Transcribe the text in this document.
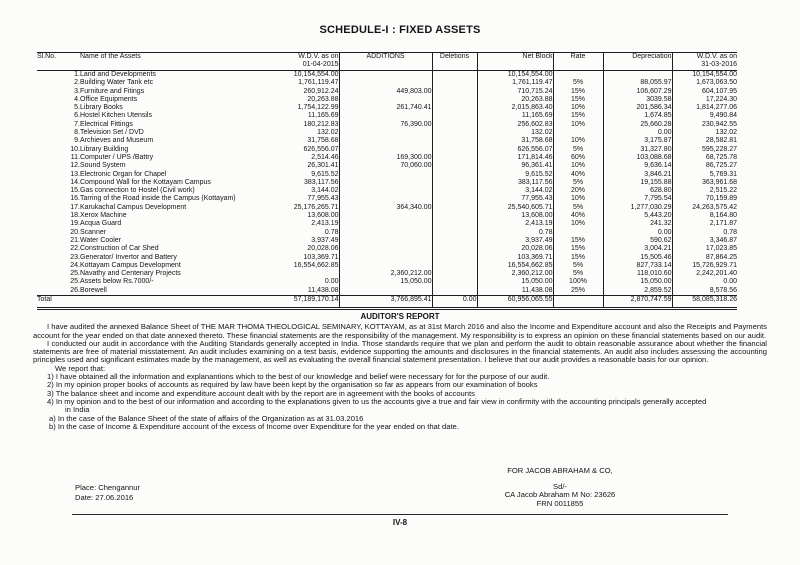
SCHEDULE-I : FIXED ASSETS
Sl.No.	Name of the Assets	W.D.V. as on
01-04-2015
	ADDITIONS	Deletions	Net Block	Rate	Depreciation	W.D.V. as on
31-03-2016

1.	Land and Developments	10,154,554.00			10,154,554.00			10,154,554.00
2.	Building Water Tank etc	1,761,119.47			1,761,119.47	5%	88,055.97	1,673,063.50
3.	Furniture and Fitings	260,912.24	449,803.00		710,715.24	15%	106,607.29	604,107.95
4.	Office Equipments	20,263.88			20,263.88	15%	3039.58	17,224.30
5.	Library Books	1,754,122.99	261,740.41		2,015,863.40	10%	201,586.34	1,814,277.06
6.	Hostel Kitchen Utensils	11,165.69			11,165.69	15%	1,674.85	9,490.84
7.	Electrical Fittings	180,212.83	76,390.00		256,602.83	10%	25,660.28	230,942.55
8.	Television Set / DVD	132.02			132.02		0.00	132.02
9.	Archieves and Museum	31,758.68			31,758.68	10%	3,175.87	28,582.81
10.	Library Building	626,556.07			626,556.07	5%	31,327.80	595,228.27
11.	Computer / UPS /Battry	2,514.46	169,300.00		171,814.46	60%	103,088.68	68,725.78
12.	Sound System	26,301.41	70,060.00		96,361.41	10%	9,636.14	86,725.27
13.	Electronic Organ for Chapel	9,615.52			9,615.52	40%	3,846.21	5,769.31
14.	Compound Wall for the Kottayam Campus	383,117.56			383,117.56	5%	19,155.88	363,961.68
15.	Gas connection to Hostel (Civil work)	3,144.02			3,144.02	20%	628.80	2,515.22
16.	Tarring of the Road inside the Campus (Kottayam)	77,955.43			77,955.43	10%	7,795.54	70,159.89
17.	Karukachal Campus Development	25,176,265.71	364,340.00		25,540,605.71	5%	1,277,030.29	24,263,575.42
18.	Xerox Machine	13,608.00			13,608.00	40%	5,443.20	8,164.80
19.	Acqua Guard	2,413.19			2,413.19	10%	241.32	2,171.87
20.	Scanner	0.78			0.78		0.00	0.78
21.	Water Cooler	3,937.49			3,937.49	15%	590.62	3,346.87
22.	Construction of Car Shed	20,028.06			20,028.06	15%	3,004.21	17,023.85
23.	Generator/ Invertor and Battery	103,369.71			103,369.71	15%	15,505.46	87,864.25
24.	Kottayam Campus Development	16,554,662.85			16,554,662.85	5%	827,733.14	15,726,929.71
25.	Navathy and Centenary Projects		2,360,212.00		2,360,212.00	5%	118,010.60	2,242,201.40
25.	Assets below Rs.7000/-	0.00	15,050.00		15,050.00	100%	15,050.00	0.00
26.	Borewell	11,438.08			11,438.08	25%	2,859.52	8,578.56
Total		57,189,170.14	3,766,895.41	0.00	60,956,065.55		2,870,747.59	58,085,318.26
AUDITOR'S REPORT
I have audited the annexed Balance Sheet of THE MAR THOMA THEOLOGICAL SEMINARY, KOTTAYAM, as at 31st March 2016 and also the Income and Expenditure account and also the Receipts and Payments account for the year ended on that date annexed thereto. These financial statements are the responsibility of the management. My responsibility is to express an opinion on these financial statements based on our audit.
I conducted our audit in accordance with the Auditing Standards generally accepted in India. Those standards require that we plan and perform the audit to obtain reasonable assurance about whether the financial statements are free of material misstatement. An audit includes examining on a test basis, evidence supporting the amounts and disclosures in the financial statements. An audit also includes assessing the accounting principles used and significant estimates made by the management, as well as evaluating the overall financial statement presentation. I believe that our audit provides a reasonable basis for our opinion.
We report that:
1) I have obtained all the information and explanantions which to the best of our knowledge and belief were necessary for for the purpose of our audit.
2) In my opinion proper books of accounts as required by law have been kept by the organisation so far as appears from our examination of books
3) The balance sheet and income and expenditure account dealt with by the report are in agreement with the books of accounts
4) In my opinion and to the best of our information and according to the explanations given to us the accounts give a true and fair view in confirmity with the accounting principals generally accepted
in India
a) In the case of the Balance Sheet of the state of affairs of the Organization as at 31.03.2016
b) In the case of Income & Expenditure account of the excess of Income over Expenditure for the year ended on that date.
FOR JACOB ABRAHAM & CO,
Sd/-
CA Jacob Abraham M No: 23626
FRN 0011855
Place: Chengannur
Date: 27.06.2016
IV-8
